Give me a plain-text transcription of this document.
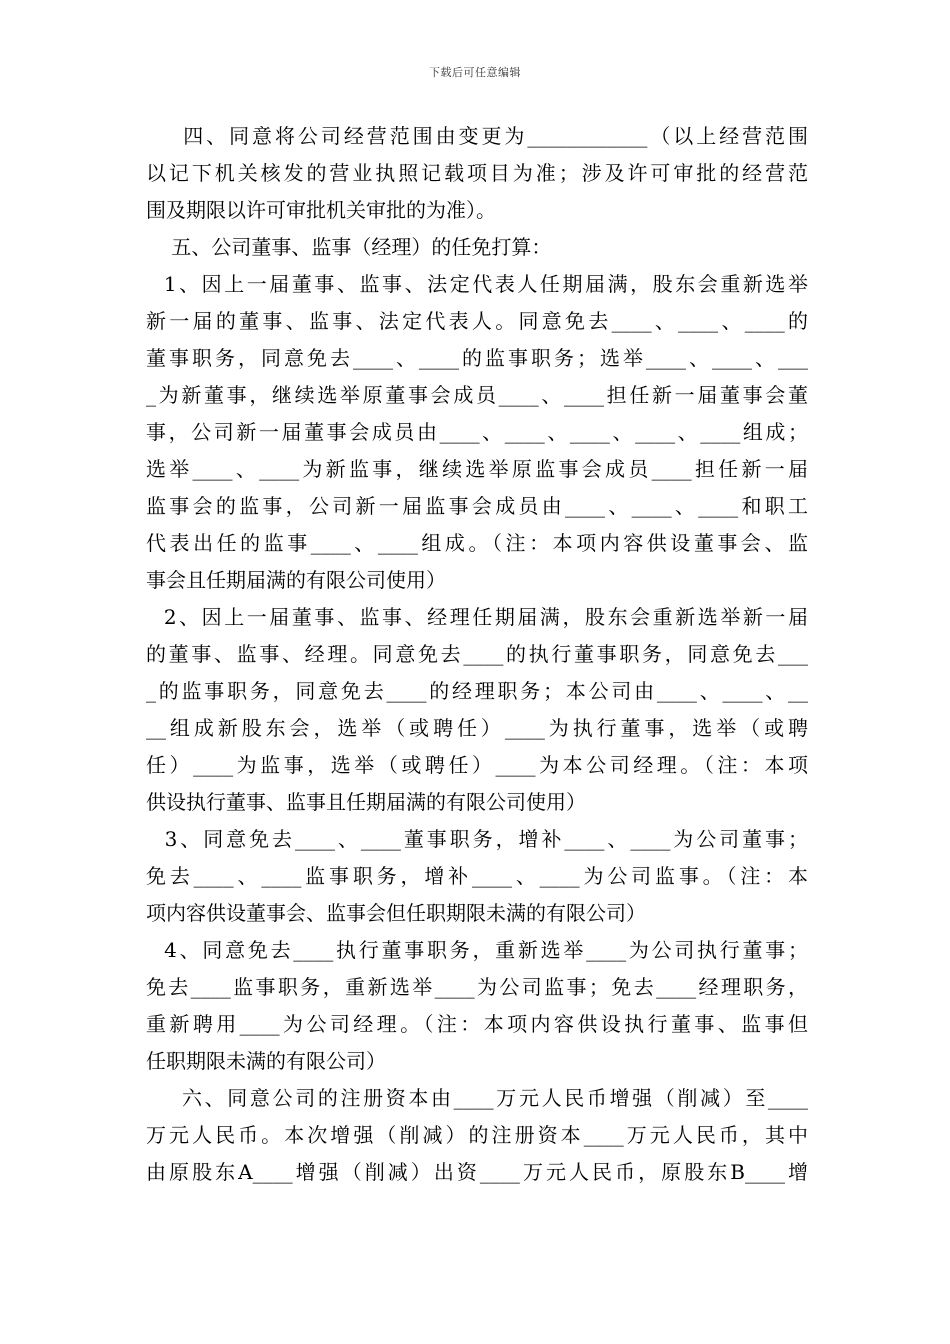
下载后可任意编辑
四、同意将公司经营范围由变更为____________（以上经营范围
以记下机关核发的营业执照记载项目为准；涉及许可审批的经营范
围及期限以许可审批机关审批的为准）。
五、公司董事、监事（经理）的任免打算：
1、因上一届董事、监事、法定代表人任期届满，股东会重新选举
新一届的董事、监事、法定代表人。同意免去____、____、____的
董事职务，同意免去____、____的监事职务；选举____、____、___
_为新董事，继续选举原董事会成员____、____担任新一届董事会董
事，公司新一届董事会成员由____、____、____、____、____组成；
选举____、____为新监事，继续选举原监事会成员____担任新一届
监事会的监事，公司新一届监事会成员由____、____、____和职工
代表出任的监事____、____组成。（注：本项内容供设董事会、监
事会且任期届满的有限公司使用）
2、因上一届董事、监事、经理任期届满，股东会重新选举新一届
的董事、监事、经理。同意免去____的执行董事职务，同意免去___
_的监事职务，同意免去____的经理职务；本公司由____、____、__
__组成新股东会，选举（或聘任）____为执行董事，选举（或聘
任）____为监事，选举（或聘任）____为本公司经理。（注：本项
供设执行董事、监事且任期届满的有限公司使用）
3、同意免去____、____董事职务，增补____、____为公司董事；
免去____、____监事职务，增补____、____为公司监事。（注：本
项内容供设董事会、监事会但任职期限未满的有限公司）
4、同意免去____执行董事职务，重新选举____为公司执行董事；
免去____监事职务，重新选举____为公司监事；免去____经理职务，
重新聘用____为公司经理。（注：本项内容供设执行董事、监事但
任职期限未满的有限公司）
六、同意公司的注册资本由____万元人民币增强（削减）至____
万元人民币。本次增强（削减）的注册资本____万元人民币，其中
由原股东A____增强（削减）出资____万元人民币，原股东B____增
